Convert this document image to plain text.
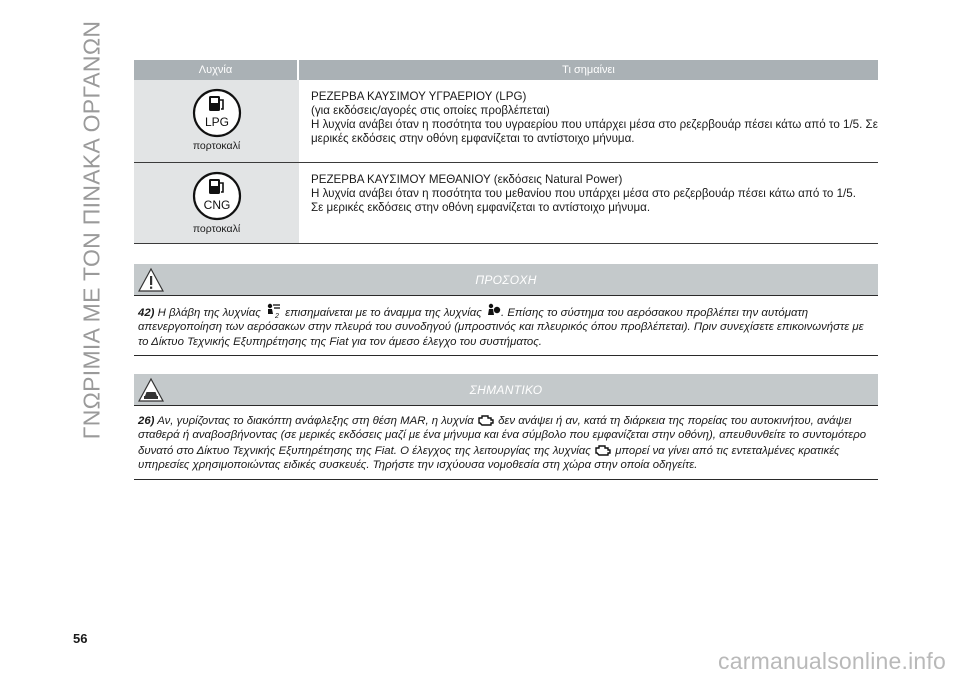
ΓΝΩΡΙΜΙΑ ΜΕ ΤΟΝ ΠΙΝΑΚΑ ΟΡΓΑΝΩΝ	Λυχνία	Τι σημαίνει
LPG
πορτοκαλί

ΡΕΖΕΡΒΑ ΚΑΥΣΙΜΟΥ ΥΓΡΑΕΡΙΟΥ (LPG)

(για εκδόσεις/αγορές στις οποίες προβλέπεται)

Η λυχνία ανάβει όταν η ποσότητα του υγραερίου που υπάρχει μέσα στο ρεζερβουάρ πέσει κάτω από το 1/5. Σε μερικές εκδόσεις στην οθόνη εμφανίζεται το αντίστοιχο μήνυμα.

CNG
πορτοκαλί

ΡΕΖΕΡΒΑ ΚΑΥΣΙΜΟΥ ΜΕΘΑΝΙΟΥ (εκδόσεις Natural Power)

Η λυχνία ανάβει όταν η ποσότητα του μεθανίου που υπάρχει μέσα στο ρεζερβουάρ πέσει κάτω από το 1/5.

Σε μερικές εκδόσεις στην οθόνη εμφανίζεται το αντίστοιχο μήνυμα.

ΠΡΟΣΟΧΗ

42) Η βλάβη της λυχνίας 2 επισημαίνεται με το άναμμα της λυχνίας . Επίσης το σύστημα του αερόσακου προβλέπει την αυτόματη απενεργοποίηση των αερόσακων στην πλευρά του συνοδηγού (μπροστινός και πλευρικός όπου προβλέπεται). Πριν συνεχίσετε επικοινωνήστε με το Δίκτυο Τεχνικής Εξυπηρέτησης της Fiat για τον άμεσο έλεγχο του συστήματος.

ΣΗΜΑΝΤΙΚΟ

26) Αν, γυρίζοντας το διακόπτη ανάφλεξης στη θέση MAR, η λυχνία δεν ανάψει ή αν, κατά τη διάρκεια της πορείας του αυτοκινήτου, ανάψει σταθερά ή αναβοσβήνοντας (σε μερικές εκδόσεις μαζί με ένα μήνυμα και ένα σύμβολο που εμφανίζεται στην οθόνη), απευθυνθείτε το συντομότερο δυνατό στο Δίκτυο Τεχνικής Εξυπηρέτησης της Fiat. Ο έλεγχος της λειτουργίας της λυχνίας μπορεί να γίνει από τις εντεταλμένες κρατικές υπηρεσίες χρησιμοποιώντας ειδικές συσκευές. Τηρήστε την ισχύουσα νομοθεσία στη χώρα στην οποία οδηγείτε.

56
carmanualsonline.info
